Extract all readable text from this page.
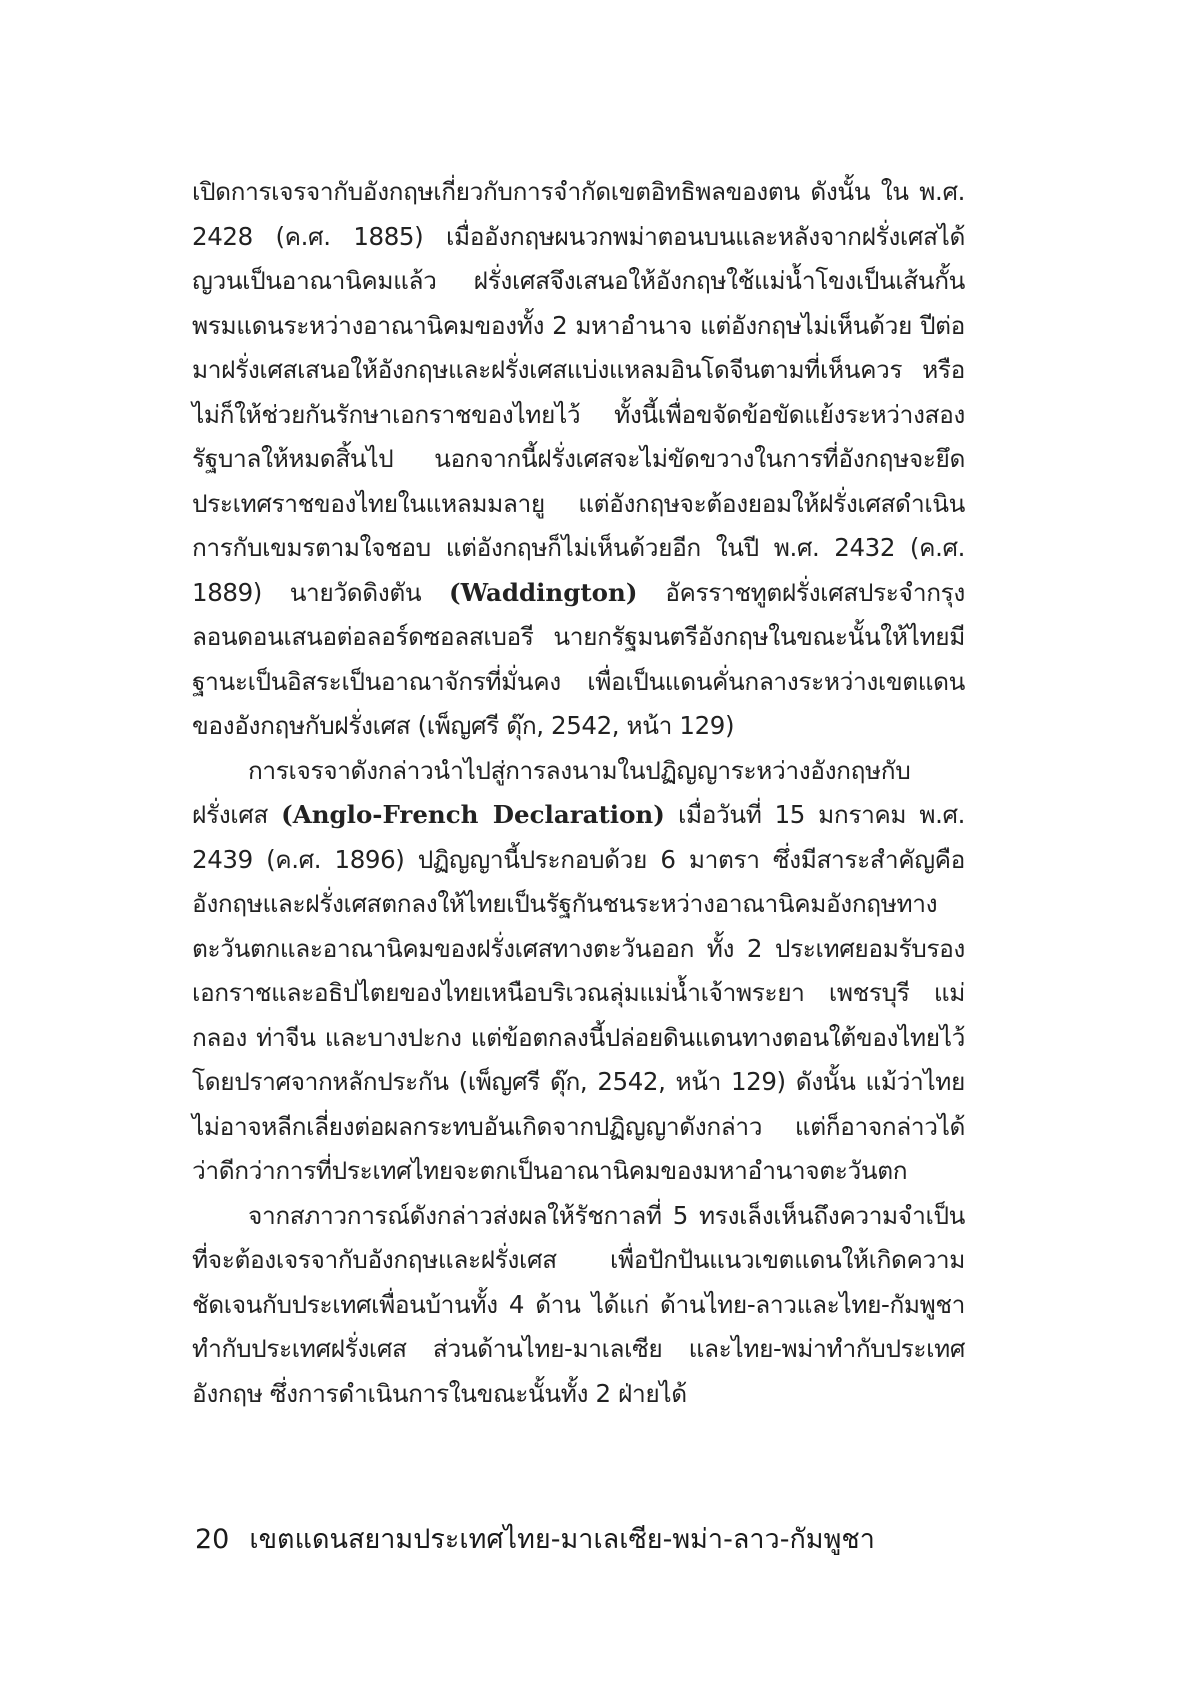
เปิดการเจรจากับอังกฤษเกี่ยวกับการจำกัดเขตอิทธิพลของตน ดังนั้น ใน พ.ศ. 2428 (ค.ศ. 1885) เมื่ออังกฤษผนวกพม่าตอนบนและหลังจากฝรั่งเศสได้ญวนเป็นอาณานิคมแล้ว ฝรั่งเศสจึงเสนอให้อังกฤษใช้แม่น้ำโขงเป็นเส้นกั้นพรมแดนระหว่างอาณานิคมของทั้ง 2 มหาอำนาจ แต่อังกฤษไม่เห็นด้วย ปีต่อมาฝรั่งเศสเสนอให้อังกฤษและฝรั่งเศสแบ่งแหลมอินโดจีนตามที่เห็นควร หรือไม่ก็ให้ช่วยกันรักษาเอกราชของไทยไว้ ทั้งนี้เพื่อขจัดข้อขัดแย้งระหว่างสองรัฐบาลให้หมดสิ้นไป นอกจากนี้ฝรั่งเศสจะไม่ขัดขวางในการที่อังกฤษจะยึดประเทศราชของไทยในแหลมมลายู แต่อังกฤษจะต้องยอมให้ฝรั่งเศสดำเนินการกับเขมรตามใจชอบ แต่อังกฤษก็ไม่เห็นด้วยอีก ในปี พ.ศ. 2432 (ค.ศ. 1889) นายวัดดิงตัน (Waddington) อัครราชทูตฝรั่งเศสประจำกรุงลอนดอนเสนอต่อลอร์ดซอลสเบอรี นายกรัฐมนตรีอังกฤษในขณะนั้นให้ไทยมีฐานะเป็นอิสระเป็นอาณาจักรที่มั่นคง เพื่อเป็นแดนคั่นกลางระหว่างเขตแดนของอังกฤษกับฝรั่งเศส (เพ็ญศรี ดุ๊ก, 2542, หน้า 129)

การเจรจาดังกล่าวนำไปสู่การลงนามในปฏิญญาระหว่างอังกฤษกับฝรั่งเศส (Anglo-French Declaration) เมื่อวันที่ 15 มกราคม พ.ศ. 2439 (ค.ศ. 1896) ปฏิญญานี้ประกอบด้วย 6 มาตรา ซึ่งมีสาระสำคัญคือ อังกฤษและฝรั่งเศสตกลงให้ไทยเป็นรัฐกันชนระหว่างอาณานิคมอังกฤษทางตะวันตกและอาณานิคมของฝรั่งเศสทางตะวันออก ทั้ง 2 ประเทศยอมรับรองเอกราชและอธิปไตยของไทยเหนือบริเวณลุ่มแม่น้ำเจ้าพระยา เพชรบุรี แม่กลอง ท่าจีน และบางปะกง แต่ข้อตกลงนี้ปล่อยดินแดนทางตอนใต้ของไทยไว้โดยปราศจากหลักประกัน (เพ็ญศรี ดุ๊ก, 2542, หน้า 129) ดังนั้น แม้ว่าไทยไม่อาจหลีกเลี่ยงต่อผลกระทบอันเกิดจากปฏิญญาดังกล่าว แต่ก็อาจกล่าวได้ว่าดีกว่าการที่ประเทศไทยจะตกเป็นอาณานิคมของมหาอำนาจตะวันตก

จากสภาวการณ์ดังกล่าวส่งผลให้รัชกาลที่ 5 ทรงเล็งเห็นถึงความจำเป็นที่จะต้องเจรจากับอังกฤษและฝรั่งเศส เพื่อปักปันแนวเขตแดนให้เกิดความชัดเจนกับประเทศเพื่อนบ้านทั้ง 4 ด้าน ได้แก่ ด้านไทย-ลาวและไทย-กัมพูชา ทำกับประเทศฝรั่งเศส ส่วนด้านไทย-มาเลเซีย และไทย-พม่าทำกับประเทศอังกฤษ ซึ่งการดำเนินการในขณะนั้นทั้ง 2 ฝ่ายได้

20 เขตแดนสยามประเทศไทย-มาเลเซีย-พม่า-ลาว-กัมพูชา
